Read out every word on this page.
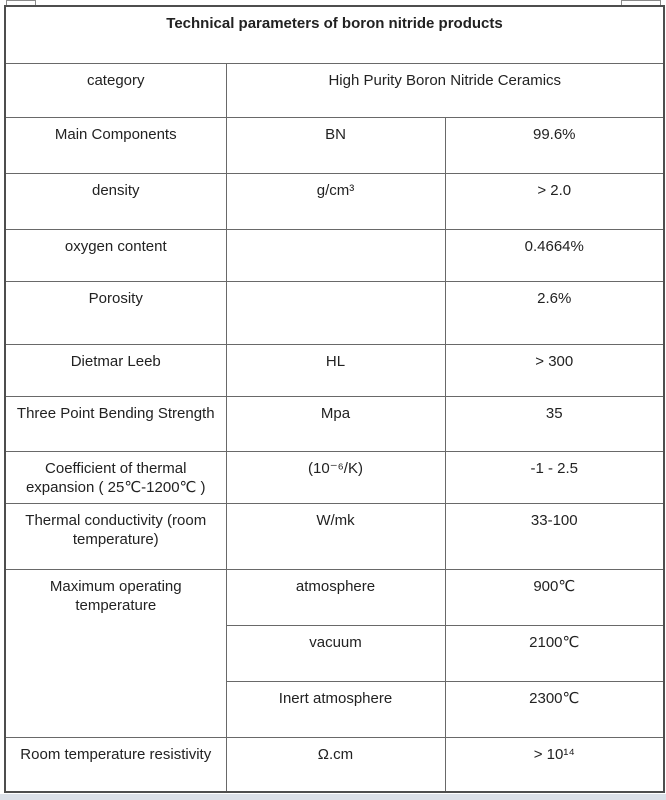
Technical parameters of boron nitride products		
category	High Purity Boron Nitride Ceramics	
Main Components	BN	99.6%
density	g/cm³	> 2.0
oxygen content		0.4664%
Porosity		2.6%
Dietmar Leeb	HL	> 300
Three Point Bending Strength	Mpa	35
Coefficient of thermal expansion ( 25℃-1200℃ )	(10⁻⁶/K)	-1 - 2.5
Thermal conductivity (room temperature)	W/mk	33-100
Maximum operating temperature	atmosphere	900℃
	vacuum	2100℃
	Inert atmosphere	2300℃
Room temperature resistivity	Ω.cm	> 10¹⁴
